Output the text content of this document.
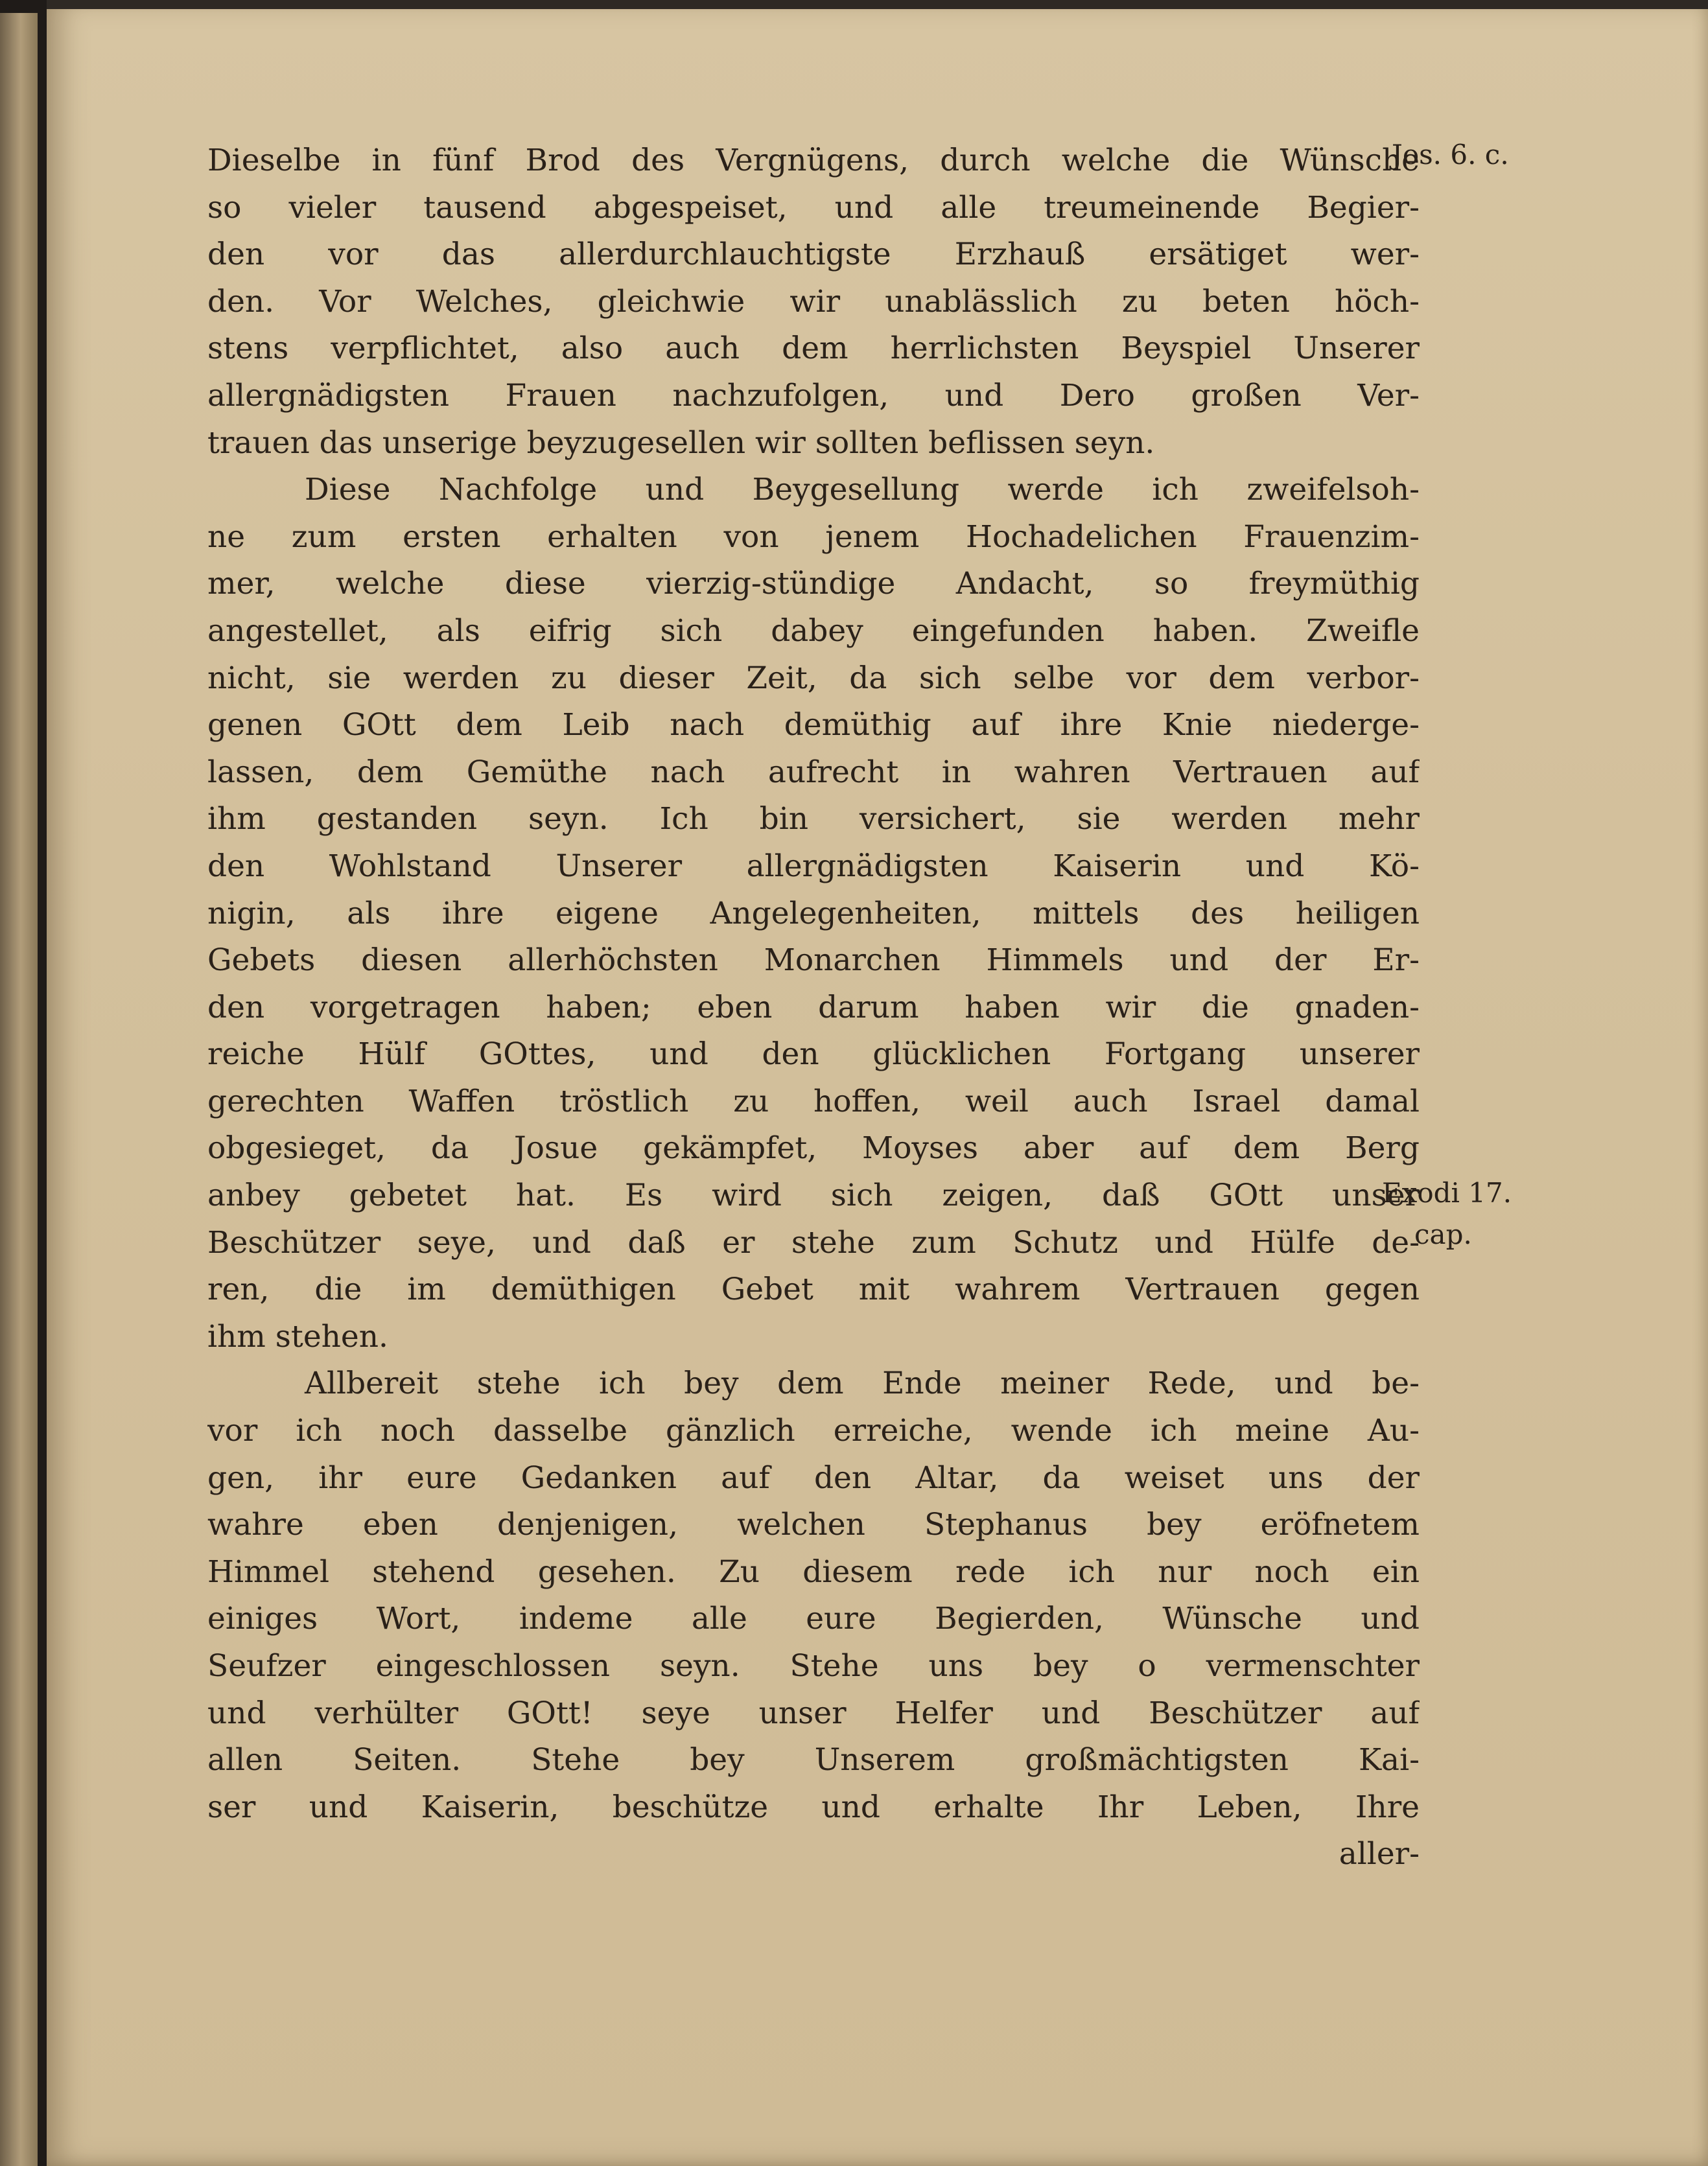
Dieselbe in fünf Brod des Vergnügens, durch welche die Wünsche
so vieler tausend abgespeiset, und alle treumeinende Begier-
den vor das allerdurchlauchtigste Erzhauß ersätiget wer-
den. Vor Welches, gleichwie wir unablässlich zu beten höch-
stens verpflichtet, also auch dem herrlichsten Beyspiel Unserer
allergnädigsten Frauen nachzufolgen, und Dero großen Ver-
trauen das unserige beyzugesellen wir sollten beflissen seyn.
Diese Nachfolge und Beygesellung werde ich zweifelsoh-
ne zum ersten erhalten von jenem Hochadelichen Frauenzim-
mer, welche diese vierzig-stündige Andacht, so freymüthig
angestellet, als eifrig sich dabey eingefunden haben. Zweifle
nicht, sie werden zu dieser Zeit, da sich selbe vor dem verbor-
genen GOtt dem Leib nach demüthig auf ihre Knie niederge-
lassen, dem Gemüthe nach aufrecht in wahren Vertrauen auf
ihm gestanden seyn. Ich bin versichert, sie werden mehr
den Wohlstand Unserer allergnädigsten Kaiserin und Kö-
nigin, als ihre eigene Angelegenheiten, mittels des heiligen
Gebets diesen allerhöchsten Monarchen Himmels und der Er-
den vorgetragen haben; eben darum haben wir die gnaden-
reiche Hülf GOttes, und den glücklichen Fortgang unserer
gerechten Waffen tröstlich zu hoffen, weil auch Israel damal
obgesieget, da Josue gekämpfet, Moyses aber auf dem Berg
anbey gebetet hat. Es wird sich zeigen, daß GOtt unser
Beschützer seye, und daß er stehe zum Schutz und Hülfe de-
ren, die im demüthigen Gebet mit wahrem Vertrauen gegen
ihm stehen.
Allbereit stehe ich bey dem Ende meiner Rede, und be-
vor ich noch dasselbe gänzlich erreiche, wende ich meine Au-
gen, ihr eure Gedanken auf den Altar, da weiset uns der
wahre eben denjenigen, welchen Stephanus bey eröfnetem
Himmel stehend gesehen. Zu diesem rede ich nur noch ein
einiges Wort, indeme alle eure Begierden, Wünsche und
Seufzer eingeschlossen seyn. Stehe uns bey o vermenschter
und verhülter GOtt! seye unser Helfer und Beschützer auf
allen Seiten. Stehe bey Unserem großmächtigsten Kai-
ser und Kaiserin, beschütze und erhalte Ihr Leben, Ihre
aller-
Jos. 6. c.
Exodi 17.
cap.
